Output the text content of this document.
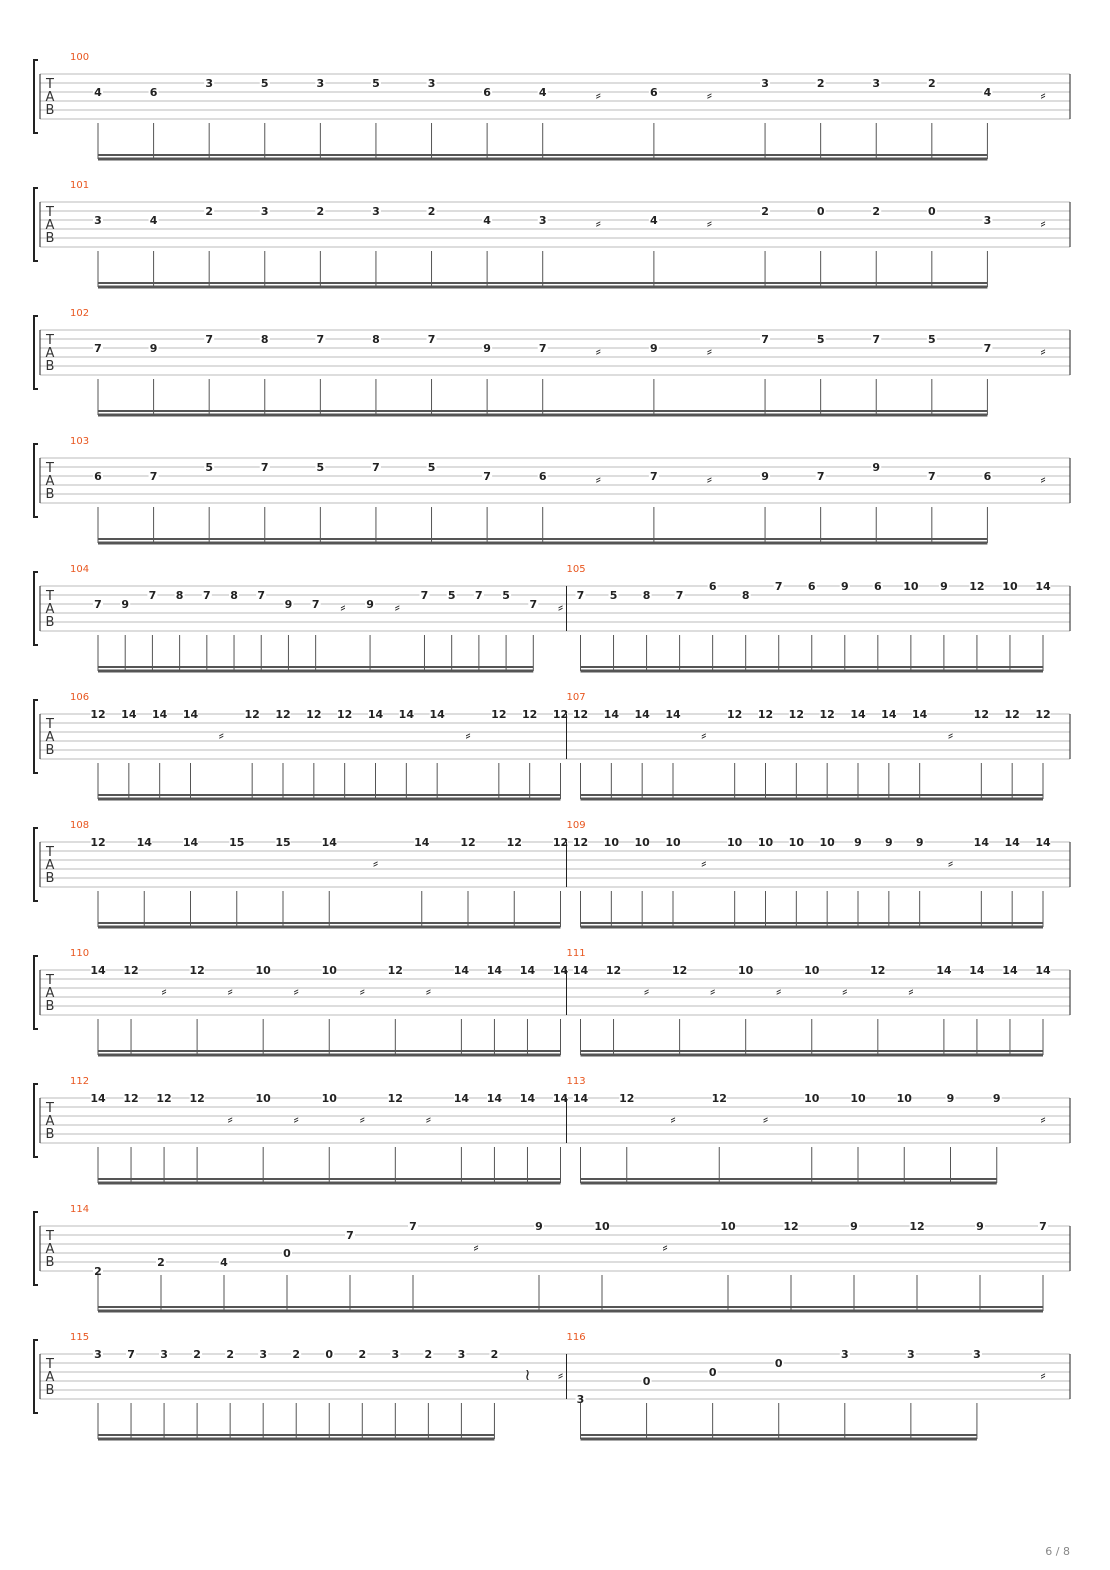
T
A
B
100
4	6
3	5	3	5	3
6	4	⸗	6	⸗
3	2	3	2
4	⸗
T
A
B
101
3	4
2	3	2	3	2
4	3	⸗	4	⸗
2	0	2	0
3	⸗
T
A
B
102
7	9
7	8	7	8	7
9	7	⸗	9	⸗
7	5	7	5
7	⸗
T
A
B
103
6	7
5	7	5	7	5
7	6	⸗	7	⸗	9	7
9
7	6	⸗
T
A
B
104
7 9
7 8 7 8 7
9 7 ⸗ 9 ⸗
7 5 7 5
7 ⸗
105
7 5 8 7
6
8
7 6 9 6 10 9 12 10 14
T
A
B
106
12 14 14 14
⸗
12 12 12 12 14 14 14
⸗
12 12 12
107
12 14 14 14
⸗
12 12 12 12 14 14 14
⸗
12 12 12
T
A
B
108
12	14	14	15	15	14
⸗
14	12	12	12
109
12 10 10 10
⸗
10 10 10 10 9 9 9
⸗
14 14 14
T
A
B
110
14 12
⸗
12
⸗
10
⸗
10
⸗
12
⸗
14 14 14 14
111
14 12
⸗
12
⸗
10
⸗
10
⸗
12
⸗
14 14 14 14
T
A
B
112
14 12 12 12
⸗
10
⸗
10
⸗
12
⸗
14 14 14 14
113
14	12
⸗
12
⸗
10	10	10	9	9
⸗
T
A
B
114
2
2	4
0
7
7
⸗
9	10
⸗
10	12	9	12	9	7
T
A
B
115
3 7 3 2 2 3 2 0 2 3 2 3 2
≀ ⸗
116
3
0
0
0
3	3	3
⸗
6 / 8
